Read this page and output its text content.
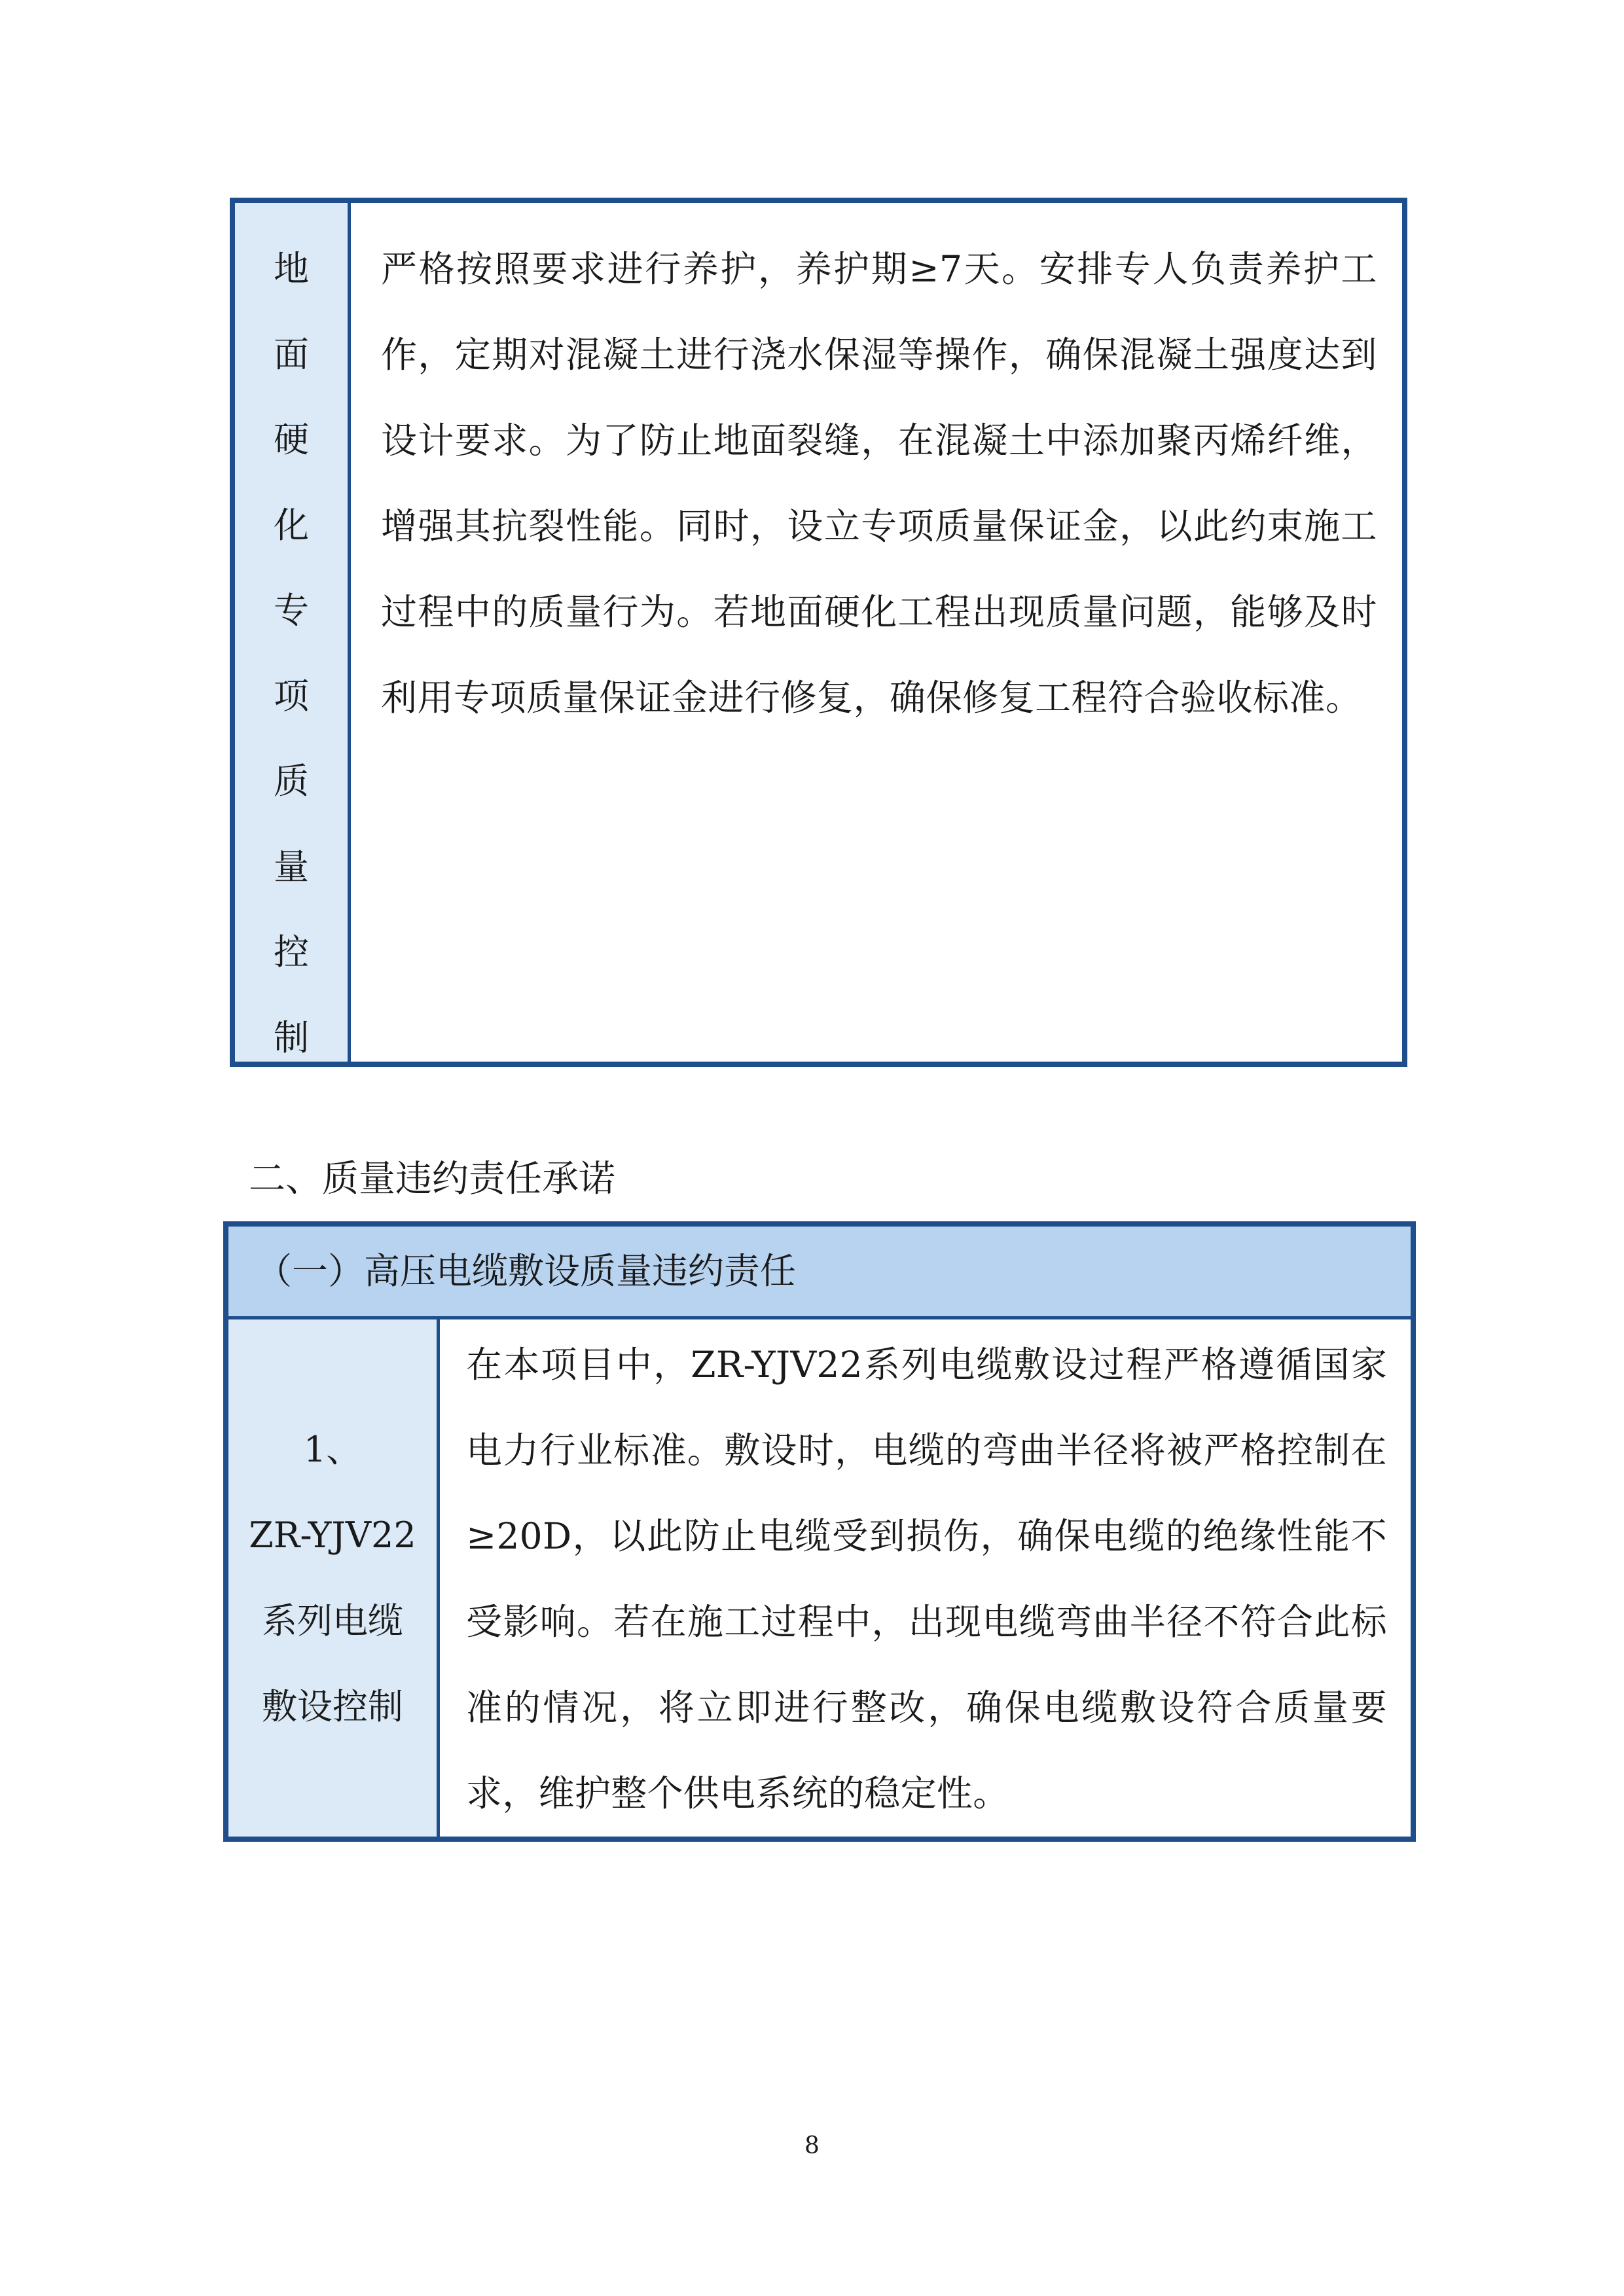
地
面
硬
化
专
项
质
量
控
制
严格按照要求进行养护，养护期≥7天。安排专人负责养护工作，定期对混凝土进行浇水保湿等操作，确保混凝土强度达到设计要求。为了防止地面裂缝，在混凝土中添加聚丙烯纤维，增强其抗裂性能。同时，设立专项质量保证金，以此约束施工过程中的质量行为。若地面硬化工程出现质量问题，能够及时利用专项质量保证金进行修复，确保修复工程符合验收标准。
二、质量违约责任承诺
（一）高压电缆敷设质量违约责任
1、
ZR-YJV22
系列电缆
敷设控制
在本项目中，ZR-YJV22系列电缆敷设过程严格遵循国家电力行业标准。敷设时，电缆的弯曲半径将被严格控制在≥20D，以此防止电缆受到损伤，确保电缆的绝缘性能不受影响。若在施工过程中，出现电缆弯曲半径不符合此标准的情况，将立即进行整改，确保电缆敷设符合质量要求，维护整个供电系统的稳定性。
8
